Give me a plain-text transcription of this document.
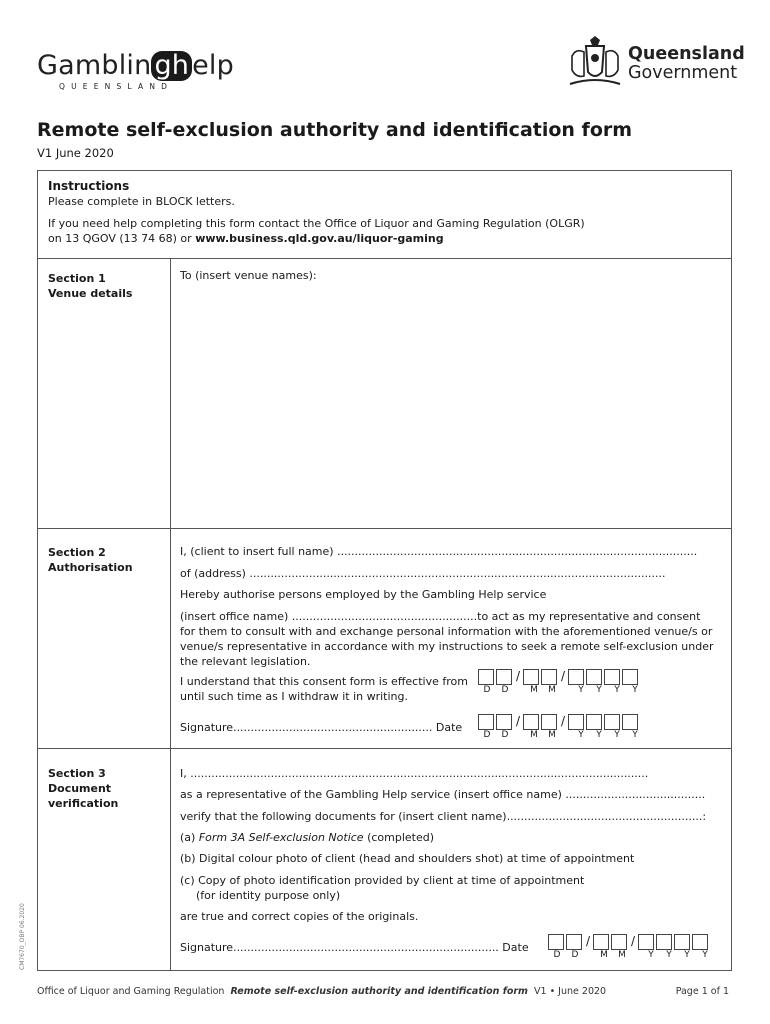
Gamblin gh elp
QUEENSLAND
Queensland
Government
Remote self-exclusion authority and identification form
V1 June 2020
Instructions
Please complete in BLOCK letters.
If you need help completing this form contact the Office of Liquor and Gaming Regulation (OLGR)
on 13 QGOV (13 74 68) or www.business.qld.gov.au/liquor-gaming
Section 1
Venue details
To (insert venue names):
Section 2
Authorisation
I, (client to insert full name) .......................................................................................................
of (address) .......................................................................................................................
Hereby authorise persons employed by the Gambling Help service
(insert office name) .....................................................to act as my representative and consent
for them to consult with and exchange personal information with the aforementioned venue/s or
venue/s representative in accordance with my instructions to seek a remote self-exclusion under
the relevant legislation.
I understand that this consent form is effective from
until such time as I withdraw it in writing.
/	/
D	D	M	M	Y	Y	Y	Y
Signature......................................................... Date	/	/
D	D	M	M	Y	Y	Y	Y
Section 3
Document
verification
I, ...................................................................................................................................
as a representative of the Gambling Help service (insert office name) ........................................
verify that the following documents for (insert client name)........................................................:
(a) Form 3A Self-exclusion Notice (completed)
(b) Digital colour photo of client (head and shoulders shot) at time of appointment
(c) Copy of photo identification provided by client at time of appointment
(for identity purpose only)
are true and correct copies of the originals.
Signature............................................................................ Date	/	/
D	D	M	M	Y	Y	Y	Y
CM7670_OBP 06.2020
Office of Liquor and Gaming Regulation Remote self-exclusion authority and identification form V1 • June 2020	Page 1 of 1
